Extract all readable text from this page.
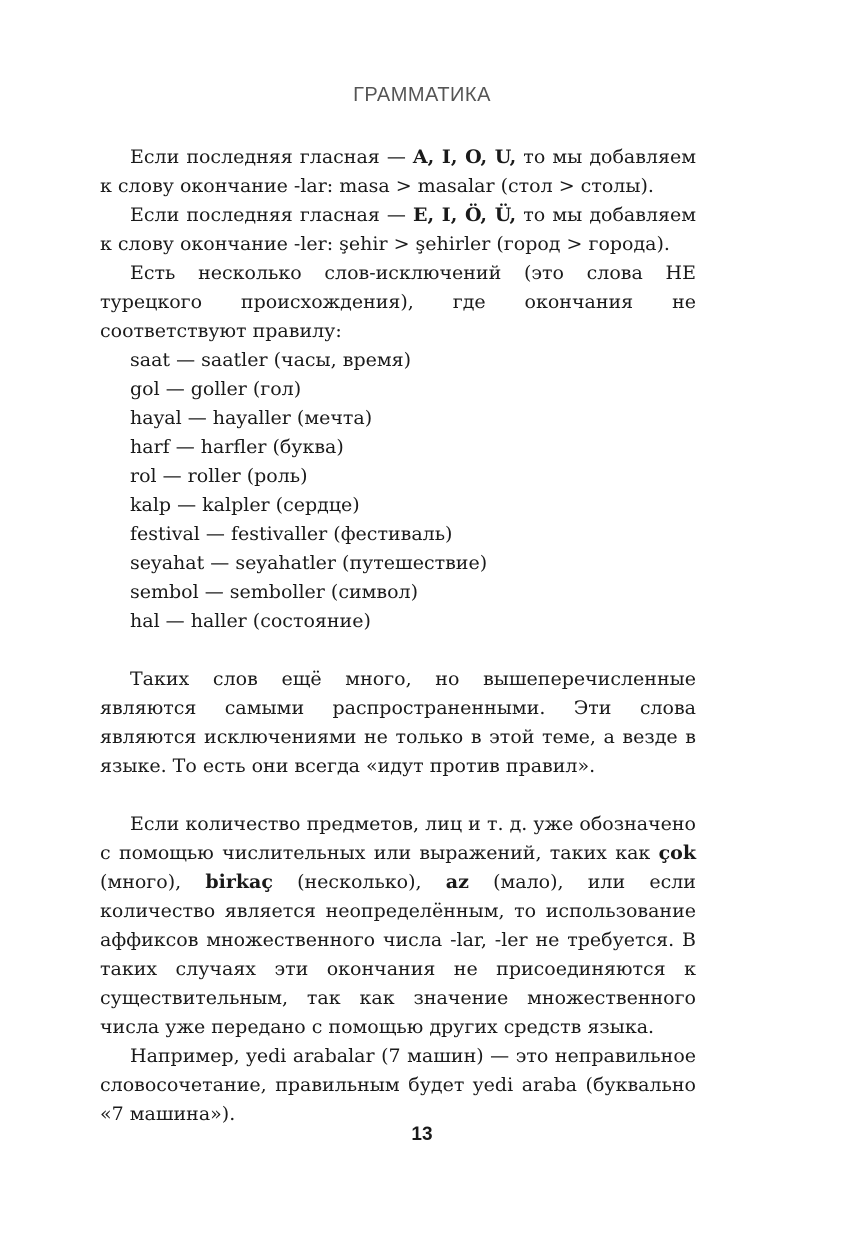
ГРАММАТИКА

Если последняя гласная — A, I, O, U, то мы добавляем к слову окончание -lar: masa > masalar (стол > столы).

Если последняя гласная — E, I, Ö, Ü, то мы добавляем к слову окончание -ler: şehir > şehirler (город > города).

Есть несколько слов-исключений (это слова НЕ турецкого происхождения), где окончания не соответствуют правилу:

saat — saatler (часы, время)
gol — goller (гол)
hayal — hayaller (мечта)
harf — harfler (буква)
rol — roller (роль)
kalp — kalpler (сердце)
festival — festivaller (фестиваль)
seyahat — seyahatler (путешествие)
sembol — semboller (символ)
hal — haller (состояние)

Таких слов ещё много, но вышеперечисленные являются самыми распространенными. Эти слова являются исключениями не только в этой теме, а везде в языке. То есть они всегда «идут против правил».

Если количество предметов, лиц и т. д. уже обозначено с помощью числительных или выражений, таких как çok (много), birkaç (несколько), az (мало), или если количество является неопределённым, то использование аффиксов множественного числа -lar, -ler не требуется. В таких случаях эти окончания не присоединяются к существительным, так как значение множественного числа уже передано с помощью других средств языка.

Например, yedi arabalar (7 машин) — это неправильное словосочетание, правильным будет yedi araba (буквально «7 машина»).

13
